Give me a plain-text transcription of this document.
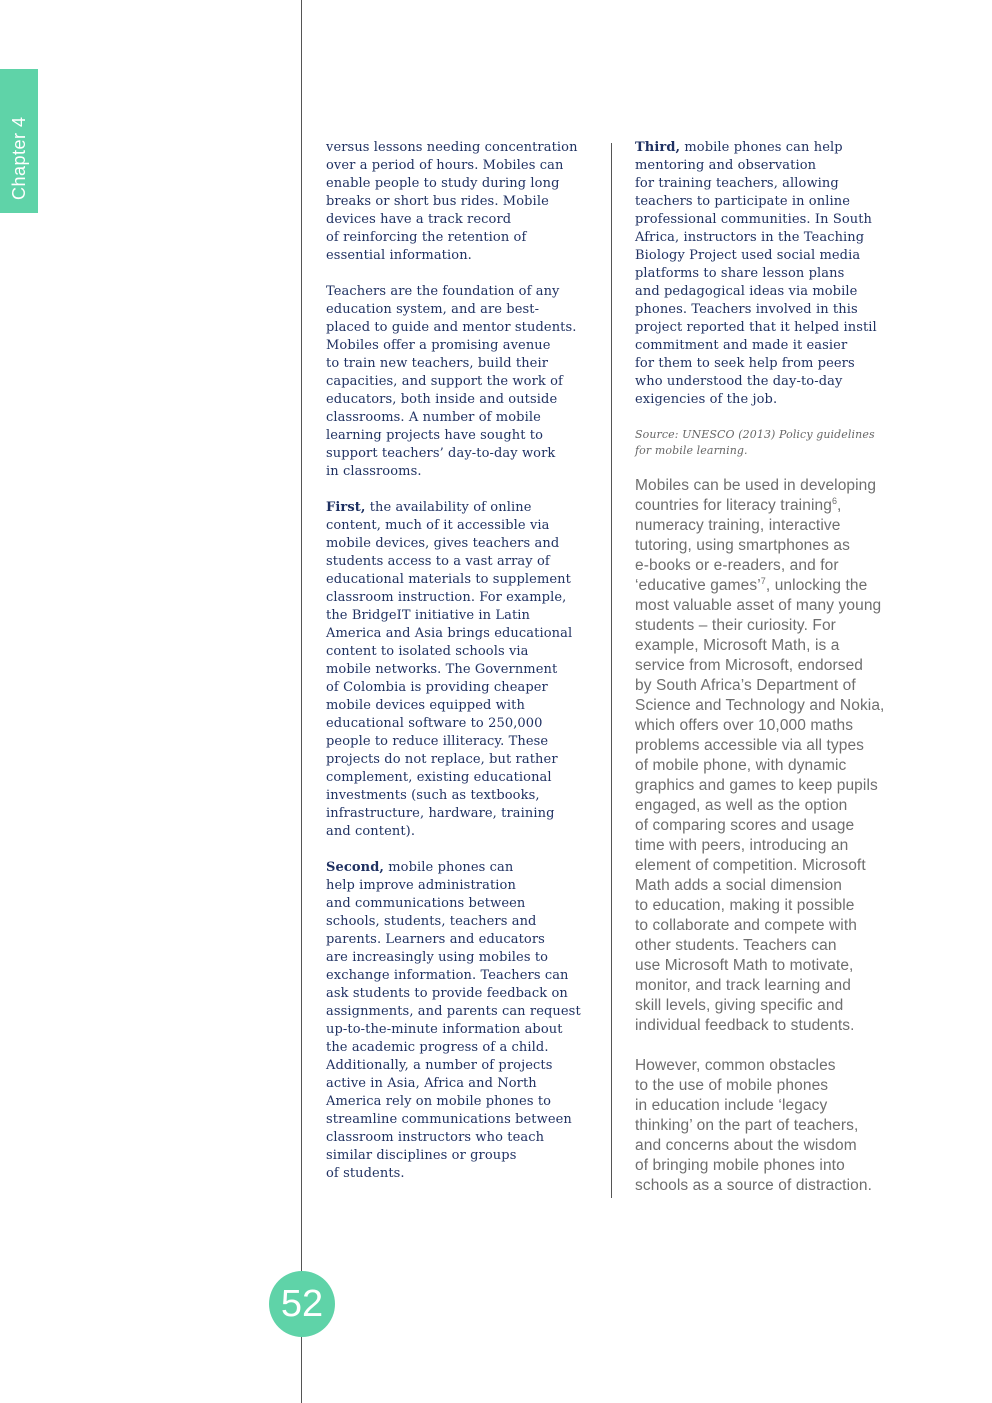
Chapter 4	versus lessons needing concentration
over a period of hours. Mobiles can
enable people to study during long
breaks or short bus rides. Mobile
devices have a track record
of reinforcing the retention of
essential information.

Teachers are the foundation of any
education system, and are best-
placed to guide and mentor students.
Mobiles offer a promising avenue
to train new teachers, build their
capacities, and support the work of
educators, both inside and outside
classrooms. A number of mobile
learning projects have sought to
support teachers’ day-to-day work
in classrooms.

First, the availability of online
content, much of it accessible via
mobile devices, gives teachers and
students access to a vast array of
educational materials to supplement
classroom instruction. For example,
the BridgeIT initiative in Latin
America and Asia brings educational
content to isolated schools via
mobile networks. The Government
of Colombia is providing cheaper
mobile devices equipped with
educational software to 250,000
people to reduce illiteracy. These
projects do not replace, but rather
complement, existing educational
investments (such as textbooks,
infrastructure, hardware, training
and content).

Second, mobile phones can
help improve administration
and communications between
schools, students, teachers and
parents. Learners and educators
are increasingly using mobiles to
exchange information. Teachers can
ask students to provide feedback on
assignments, and parents can request
up-to-the-minute information about
the academic progress of a child.
Additionally, a number of projects
active in Asia, Africa and North
America rely on mobile phones to
streamline communications between
classroom instructors who teach
similar disciplines or groups
of students.

Third, mobile phones can help
mentoring and observation
for training teachers, allowing
teachers to participate in online
professional communities. In South
Africa, instructors in the Teaching
Biology Project used social media
platforms to share lesson plans
and pedagogical ideas via mobile
phones. Teachers involved in this
project reported that it helped instil
commitment and made it easier
for them to seek help from peers
who understood the day-to-day
exigencies of the job.

Source: UNESCO (2013) Policy guidelines
for mobile learning.

Mobiles can be used in developing
countries for literacy training$^6$,
numeracy training, interactive
tutoring, using smartphones as
e-books or e-readers, and for
‘educative games’$^7$, unlocking the
most valuable asset of many young
students – their curiosity. For
example, Microsoft Math, is a
service from Microsoft, endorsed
by South Africa’s Department of
Science and Technology and Nokia,
which offers over 10,000 maths
problems accessible via all types
of mobile phone, with dynamic
graphics and games to keep pupils
engaged, as well as the option
of comparing scores and usage
time with peers, introducing an
element of competition. Microsoft
Math adds a social dimension
to education, making it possible
to collaborate and compete with
other students. Teachers can
use Microsoft Math to motivate,
monitor, and track learning and
skill levels, giving specific and
individual feedback to students.

However, common obstacles
to the use of mobile phones
in education include ‘legacy
thinking’ on the part of teachers,
and concerns about the wisdom
of bringing mobile phones into
schools as a source of distraction.

52
